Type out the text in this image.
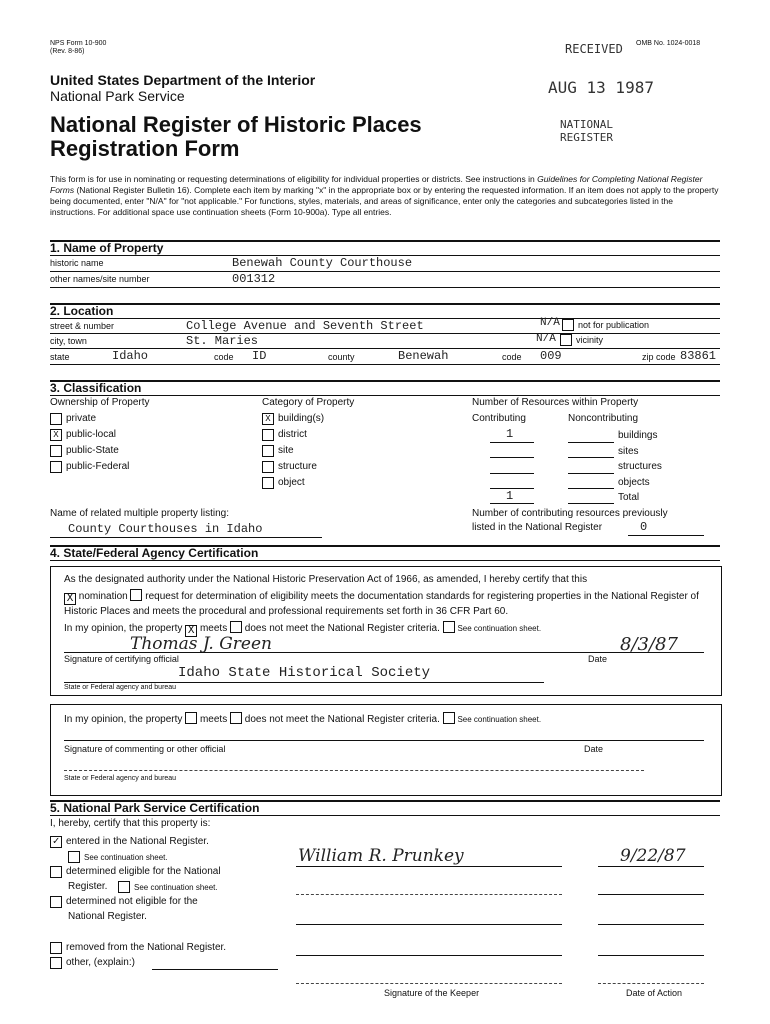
NPS Form 10-900
(Rev. 8-86)
OMB No. 1024-0018
RECEIVED
United States Department of the Interior
National Park Service	AUG 13 1987
National Register of Historic Places
Registration Form
NATIONAL
REGISTER
This form is for use in nominating or requesting determinations of eligibility for individual properties or districts. See instructions in Guidelines for Completing National Register Forms (National Register Bulletin 16). Complete each item by marking "x" in the appropriate box or by entering the requested information. If an item does not apply to the property being documented, enter "N/A" for "not applicable." For functions, styles, materials, and areas of significance, enter only the categories and subcategories listed in the instructions. For additional space use continuation sheets (Form 10-900a). Type all entries.
1. Name of Property
historic name	Benewah County Courthouse
other names/site number	001312
2. Location
street & number	College Avenue and Seventh Street	N/A not for publication
city, town	St. Maries	N/A vicinity
state	Idaho	code ID	county	Benewah	code 009	zip code 83861
3. Classification
Ownership of Property
private
X public-local
public-State
public-Federal
Category of Property
X building(s)
district
site
structure
object
Number of Resources within Property
Contributing	Noncontributing
1	buildings
sites
structures
objects
1	Total
Name of related multiple property listing:
County Courthouses in Idaho
Number of contributing resources previously
listed in the National Register	0
4. State/Federal Agency Certification
As the designated authority under the National Historic Preservation Act of 1966, as amended, I hereby certify that this
X nomination request for determination of eligibility meets the documentation standards for registering properties in the National Register of Historic Places and meets the procedural and professional requirements set forth in 36 CFR Part 60.
In my opinion, the property X meets does not meet the National Register criteria. See continuation sheet.
Thomas J. Green	8/3/87
Signature of certifying official	Date
Idaho State Historical Society
State or Federal agency and bureau
In my opinion, the property meets does not meet the National Register criteria. See continuation sheet.
Signature of commenting or other official	Date
State or Federal agency and bureau
5. National Park Service Certification
I, hereby, certify that this property is:
✓ entered in the National Register.
See continuation sheet.
determined eligible for the National
Register.	See continuation sheet.
determined not eligible for the
National Register.
removed from the National Register.
other, (explain:)
William R. Prunkey	9/22/87
Signature of the Keeper	Date of Action
